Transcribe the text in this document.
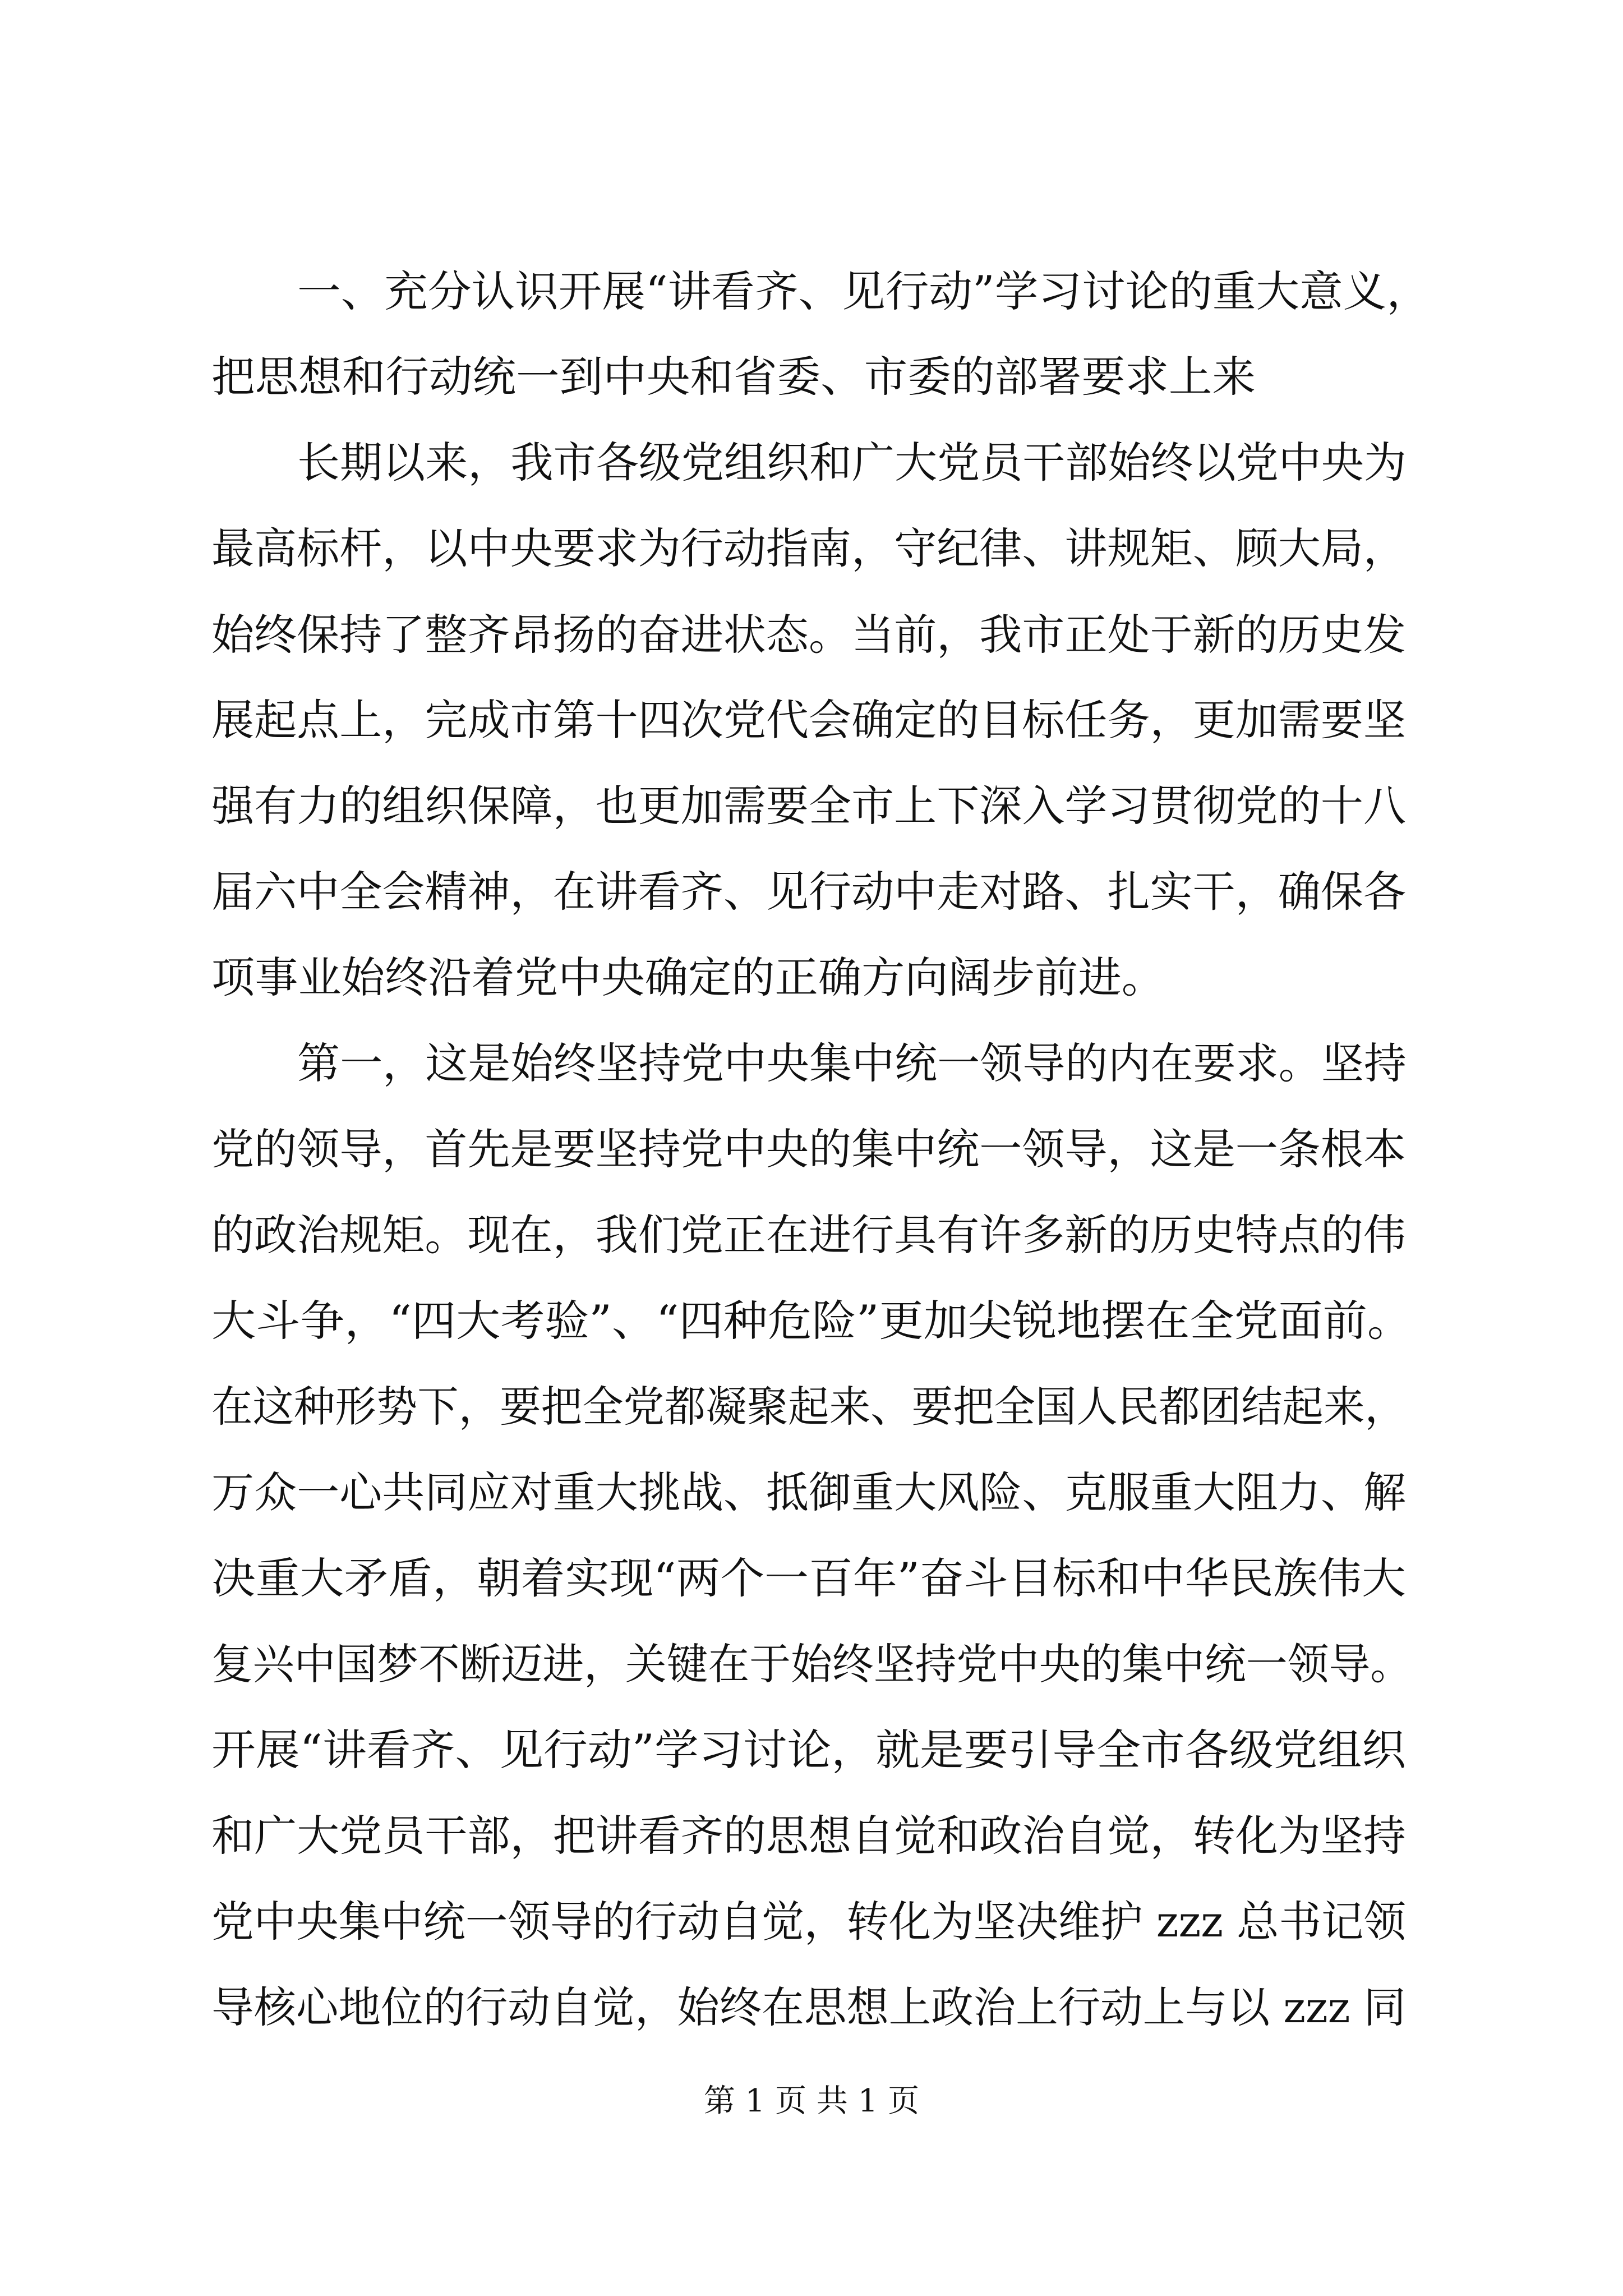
一、充分认识开展“讲看齐、见行动”学习讨论的重大意义，
把思想和行动统一到中央和省委、市委的部署要求上来
长期以来，我市各级党组织和广大党员干部始终以党中央为
最高标杆，以中央要求为行动指南，守纪律、讲规矩、顾大局，
始终保持了整齐昂扬的奋进状态。当前，我市正处于新的历史发
展起点上，完成市第十四次党代会确定的目标任务，更加需要坚
强有力的组织保障，也更加需要全市上下深入学习贯彻党的十八
届六中全会精神，在讲看齐、见行动中走对路、扎实干，确保各
项事业始终沿着党中央确定的正确方向阔步前进。
第一，这是始终坚持党中央集中统一领导的内在要求。坚持
党的领导，首先是要坚持党中央的集中统一领导，这是一条根本
的政治规矩。现在，我们党正在进行具有许多新的历史特点的伟
大斗争，“四大考验”、“四种危险”更加尖锐地摆在全党面前。
在这种形势下，要把全党都凝聚起来、要把全国人民都团结起来，
万众一心共同应对重大挑战、抵御重大风险、克服重大阻力、解
决重大矛盾，朝着实现“两个一百年”奋斗目标和中华民族伟大
复兴中国梦不断迈进，关键在于始终坚持党中央的集中统一领导。
开展“讲看齐、见行动”学习讨论，就是要引导全市各级党组织
和广大党员干部，把讲看齐的思想自觉和政治自觉，转化为坚持
党中央集中统一领导的行动自觉，转化为坚决维护 zzz 总书记领
导核心地位的行动自觉，始终在思想上政治上行动上与以 zzz 同
第 1 页 共 1 页
